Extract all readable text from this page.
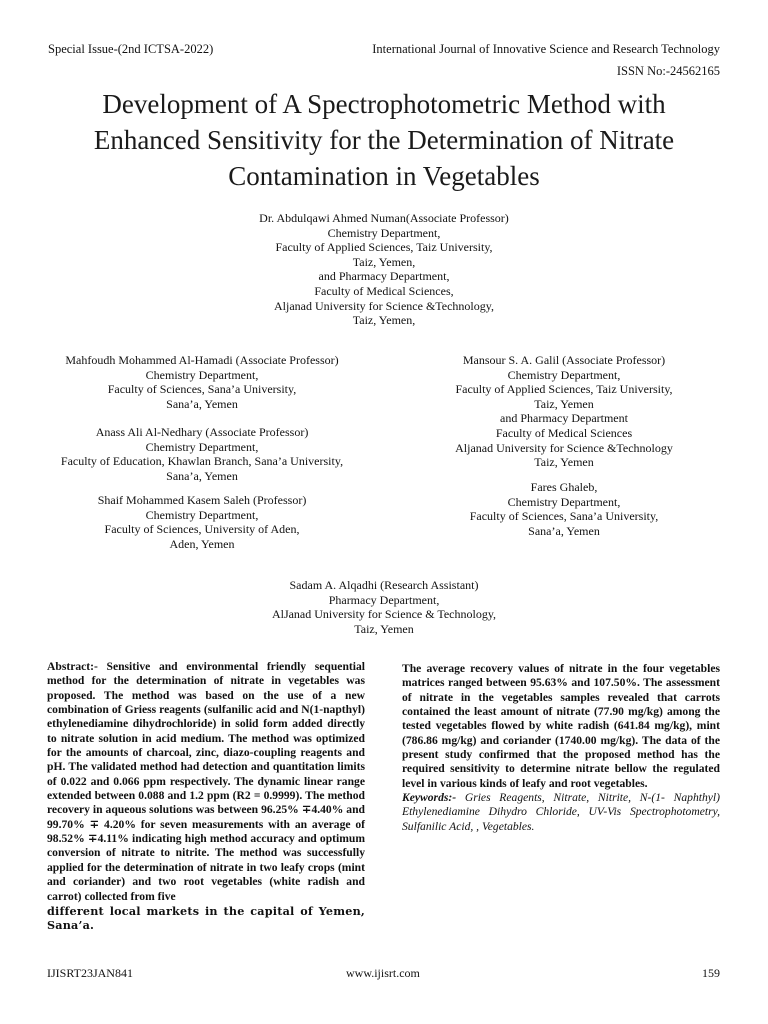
Special Issue-(2nd ICTSA-2022)	International Journal of Innovative Science and Research Technology
ISSN No:-24562165
Development of A Spectrophotometric Method with
Enhanced Sensitivity for the Determination of Nitrate
Contamination in Vegetables
Dr. Abdulqawi Ahmed Numan(Associate Professor)
Chemistry Department,
Faculty of Applied Sciences, Taiz University,
Taiz, Yemen,
and Pharmacy Department,
Faculty of Medical Sciences,
Aljanad University for Science &Technology,
Taiz, Yemen,
Mahfoudh Mohammed Al-Hamadi (Associate Professor)
Chemistry Department,
Faculty of Sciences, Sana’a University,
Sana’a, Yemen
Anass Ali Al-Nedhary (Associate Professor)
Chemistry Department,
Faculty of Education, Khawlan Branch, Sana’a University,
Sana’a, Yemen
Shaif Mohammed Kasem Saleh (Professor)
Chemistry Department,
Faculty of Sciences, University of Aden,
Aden, Yemen
Mansour S. A. Galil (Associate Professor)
Chemistry Department,
Faculty of Applied Sciences, Taiz University,
Taiz, Yemen
and Pharmacy Department
Faculty of Medical Sciences
Aljanad University for Science &Technology
Taiz, Yemen
Fares Ghaleb,
Chemistry Department,
Faculty of Sciences, Sana’a University,
Sana’a, Yemen
Sadam A. Alqadhi (Research Assistant)
Pharmacy Department,
AlJanad University for Science & Technology,
Taiz, Yemen

Abstract:- Sensitive and environmental friendly sequential method for the determination of nitrate in vegetables was proposed. The method was based on the use of a new combination of Griess reagents (sulfanilic acid and N(1-napthyl) ethylenediamine dihydrochloride) in solid form added directly to nitrate solution in acid medium. The method was optimized for the amounts of charcoal, zinc, diazo-coupling reagents and pH. The validated method had detection and quantitation limits of 0.022 and 0.066 ppm respectively. The dynamic linear range extended between 0.088 and 1.2 ppm (R2 = 0.9999). The method recovery in aqueous solutions was between 96.25% ∓4.40% and 99.70% ∓ 4.20% for seven measurements with an average of 98.52% ∓4.11% indicating high method accuracy and optimum conversion of nitrate to nitrite. The method was successfully applied for the determination of nitrate in two leafy crops (mint and coriander) and two root vegetables (white radish and carrot) collected from five

different local markets in the capital of Yemen, Sana’a.

The average recovery values of nitrate in the four vegetables matrices ranged between 95.63% and 107.50%. The assessment of nitrate in the vegetables samples revealed that carrots contained the least amount of nitrate (77.90 mg/kg) among the tested vegetables flowed by white radish (641.84 mg/kg), mint (786.86 mg/kg) and coriander (1740.00 mg/kg). The data of the present study confirmed that the proposed method has the required sensitivity to determine nitrate bellow the regulated level in various kinds of leafy and root vegetables.

Keywords:- Gries Reagents, Nitrate, Nitrite, N-(1- Naphthyl) Ethylenediamine Dihydro Chloride, UV-Vis Spectrophotometry, Sulfanilic Acid, , Vegetables.

IJISRT23JAN841	www.ijisrt.com	159
